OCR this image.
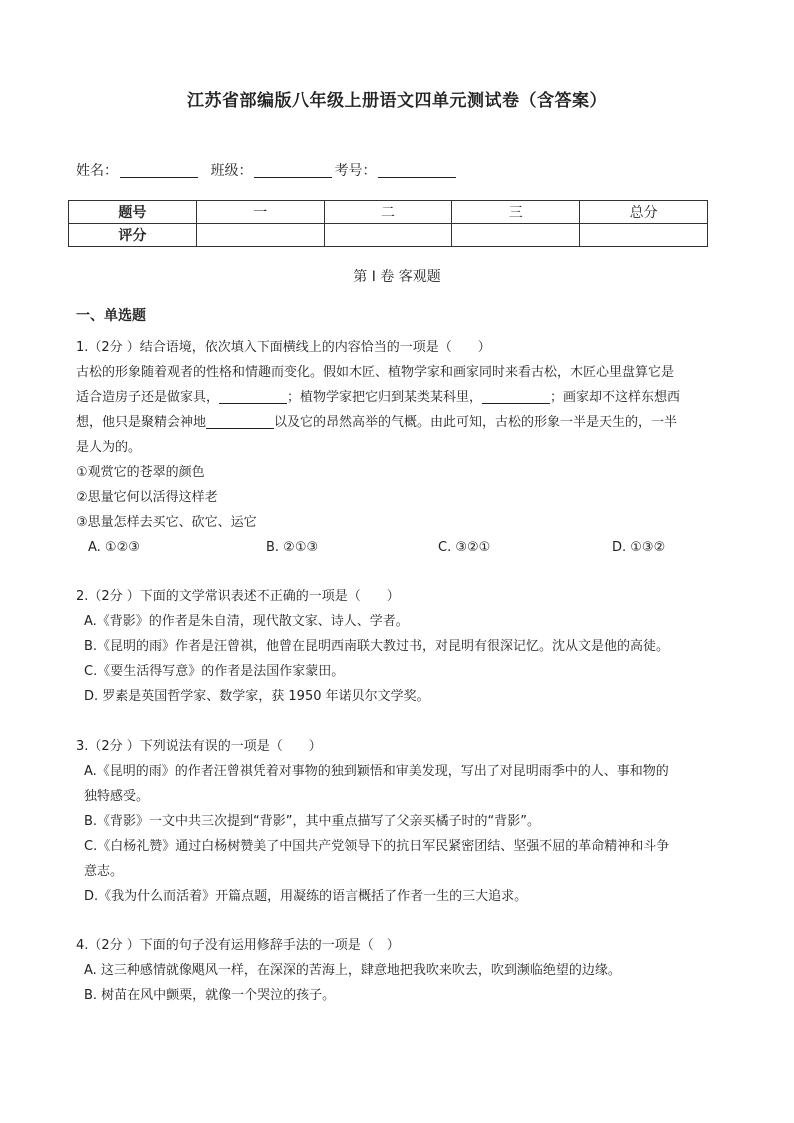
江苏省部编版八年级上册语文四单元测试卷（含答案）
姓名：	班级：	考号：
题号	一	二	三	总分
评分				
第 I 卷 客观题
一、单选题

1.（2分 ）结合语境，依次填入下面横线上的内容恰当的一项是（　　）

古松的形象随着观者的性格和情趣而变化。假如木匠、植物学家和画家同时来看古松，木匠心里盘算它是

适合造房子还是做家具，	；植物学家把它归到某类某科里，	；画家却不这样东想西

想，他只是聚精会神地	以及它的昂然高举的气概。由此可知，古松的形象一半是天生的，一半

是人为的。

①观赏它的苍翠的颜色

②思量它何以活得这样老

③思量怎样去买它、砍它、运它

A. ①②③	B. ②①③	C. ③②①	D. ①③②

2.（2分 ）下面的文学常识表述不正确的一项是（　　）

A.《背影》的作者是朱自清，现代散文家、诗人、学者。

B.《昆明的雨》作者是汪曾祺，他曾在昆明西南联大教过书，对昆明有很深记忆。沈从文是他的高徒。

C.《要生活得写意》的作者是法国作家蒙田。

D. 罗素是英国哲学家、数学家，获 1950 年诺贝尔文学奖。

3.（2分 ）下列说法有误的一项是（　　）

A.《昆明的雨》的作者汪曾祺凭着对事物的独到颖悟和审美发现，写出了对昆明雨季中的人、事和物的

独特感受。

B.《背影》一文中共三次提到“背影”，其中重点描写了父亲买橘子时的“背影”。

C.《白杨礼赞》通过白杨树赞美了中国共产党领导下的抗日军民紧密团结、坚强不屈的革命精神和斗争

意志。

D.《我为什么而活着》开篇点题，用凝练的语言概括了作者一生的三大追求。

4.（2分 ）下面的句子没有运用修辞手法的一项是（　）

A. 这三种感情就像飓风一样，在深深的苦海上，肆意地把我吹来吹去，吹到濒临绝望的边缘。

B. 树苗在风中颤栗，就像一个哭泣的孩子。
